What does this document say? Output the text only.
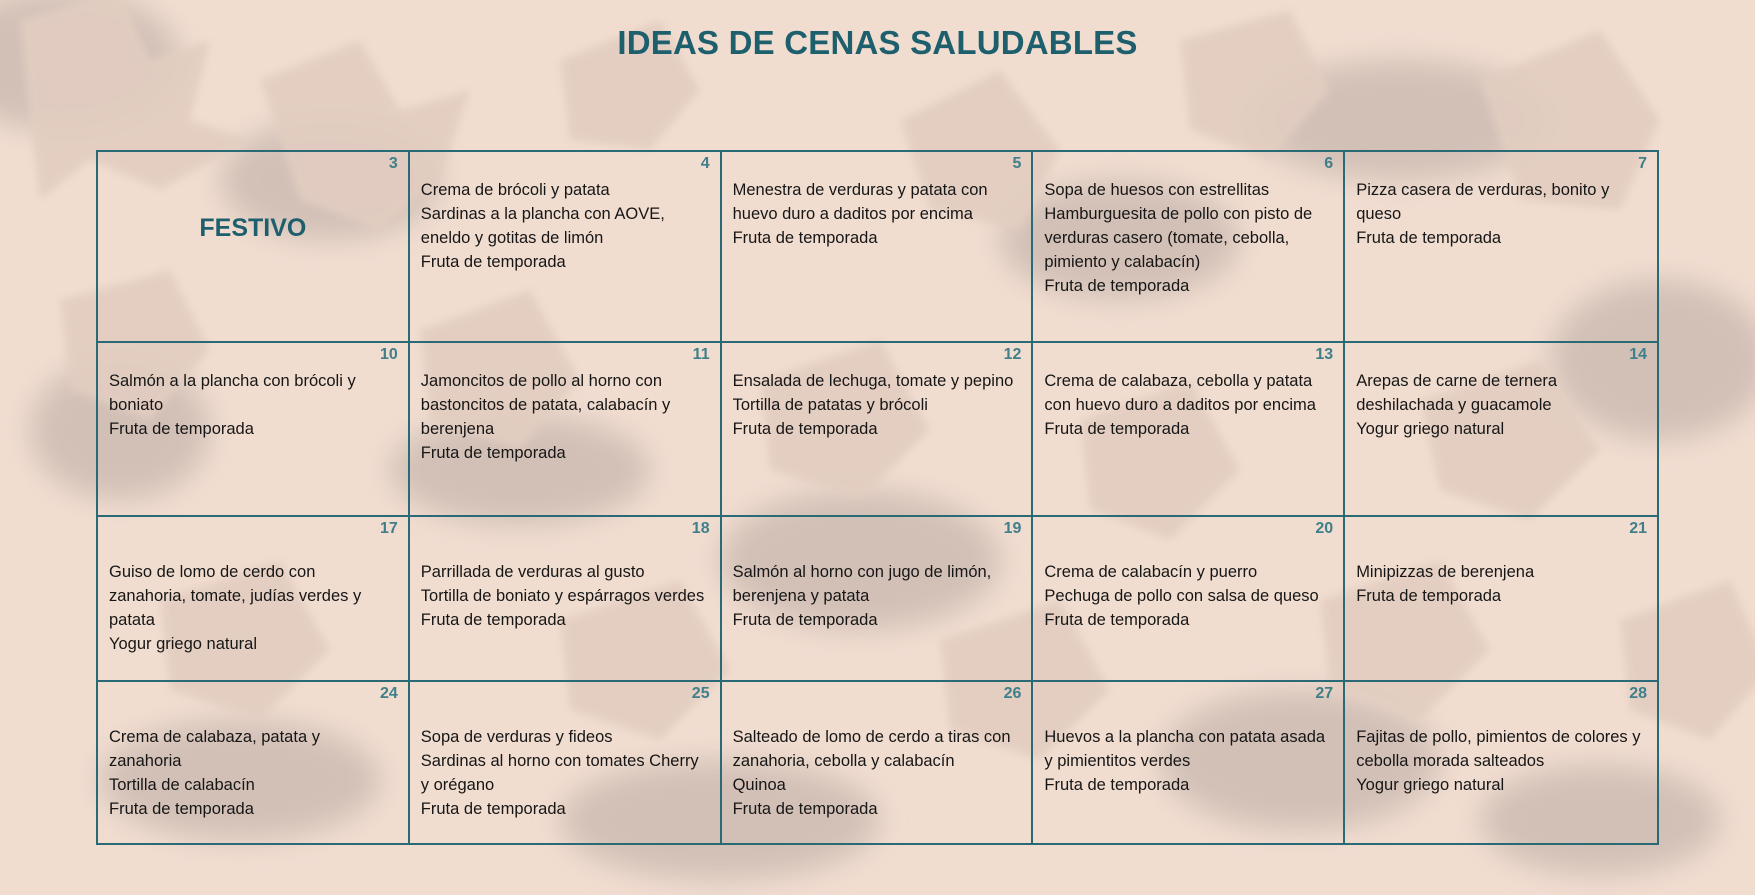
IDEAS DE CENAS SALUDABLES
3
FESTIVO
4
Crema de brócoli y patata
Sardinas a la plancha con AOVE, eneldo y gotitas de limón
Fruta de temporada
5
Menestra de verduras y patata con huevo duro a daditos por encima
Fruta de temporada
6
Sopa de huesos con estrellitas
Hamburguesita de pollo con pisto de verduras casero (tomate, cebolla, pimiento y calabacín)
Fruta de temporada
7
Pizza casera de verduras, bonito y queso
Fruta de temporada
10
Salmón a la plancha con brócoli y boniato
Fruta de temporada
11
Jamoncitos de pollo al horno con bastoncitos de patata, calabacín y berenjena
Fruta de temporada
12
Ensalada de lechuga, tomate y pepino
Tortilla de patatas y brócoli
Fruta de temporada
13
Crema de calabaza, cebolla y patata con huevo duro a daditos por encima
Fruta de temporada
14
Arepas de carne de ternera deshilachada y guacamole
Yogur griego natural
17
Guiso de lomo de cerdo con zanahoria, tomate, judías verdes y patata
Yogur griego natural
18
Parrillada de verduras al gusto
Tortilla de boniato y espárragos verdes
Fruta de temporada
19
Salmón al horno con jugo de limón, berenjena y patata
Fruta de temporada
20
Crema de calabacín y puerro
Pechuga de pollo con salsa de queso
Fruta de temporada
21
Minipizzas de berenjena
Fruta de temporada
24
Crema de calabaza, patata y zanahoria
Tortilla de calabacín
Fruta de temporada
25
Sopa de verduras y fideos
Sardinas al horno con tomates Cherry y orégano
Fruta de temporada
26
Salteado de lomo de cerdo a tiras con zanahoria, cebolla y calabacín
Quinoa
Fruta de temporada
27
Huevos a la plancha con patata asada y pimientitos verdes
Fruta de temporada
28
Fajitas de pollo, pimientos de colores y cebolla morada salteados
Yogur griego natural
